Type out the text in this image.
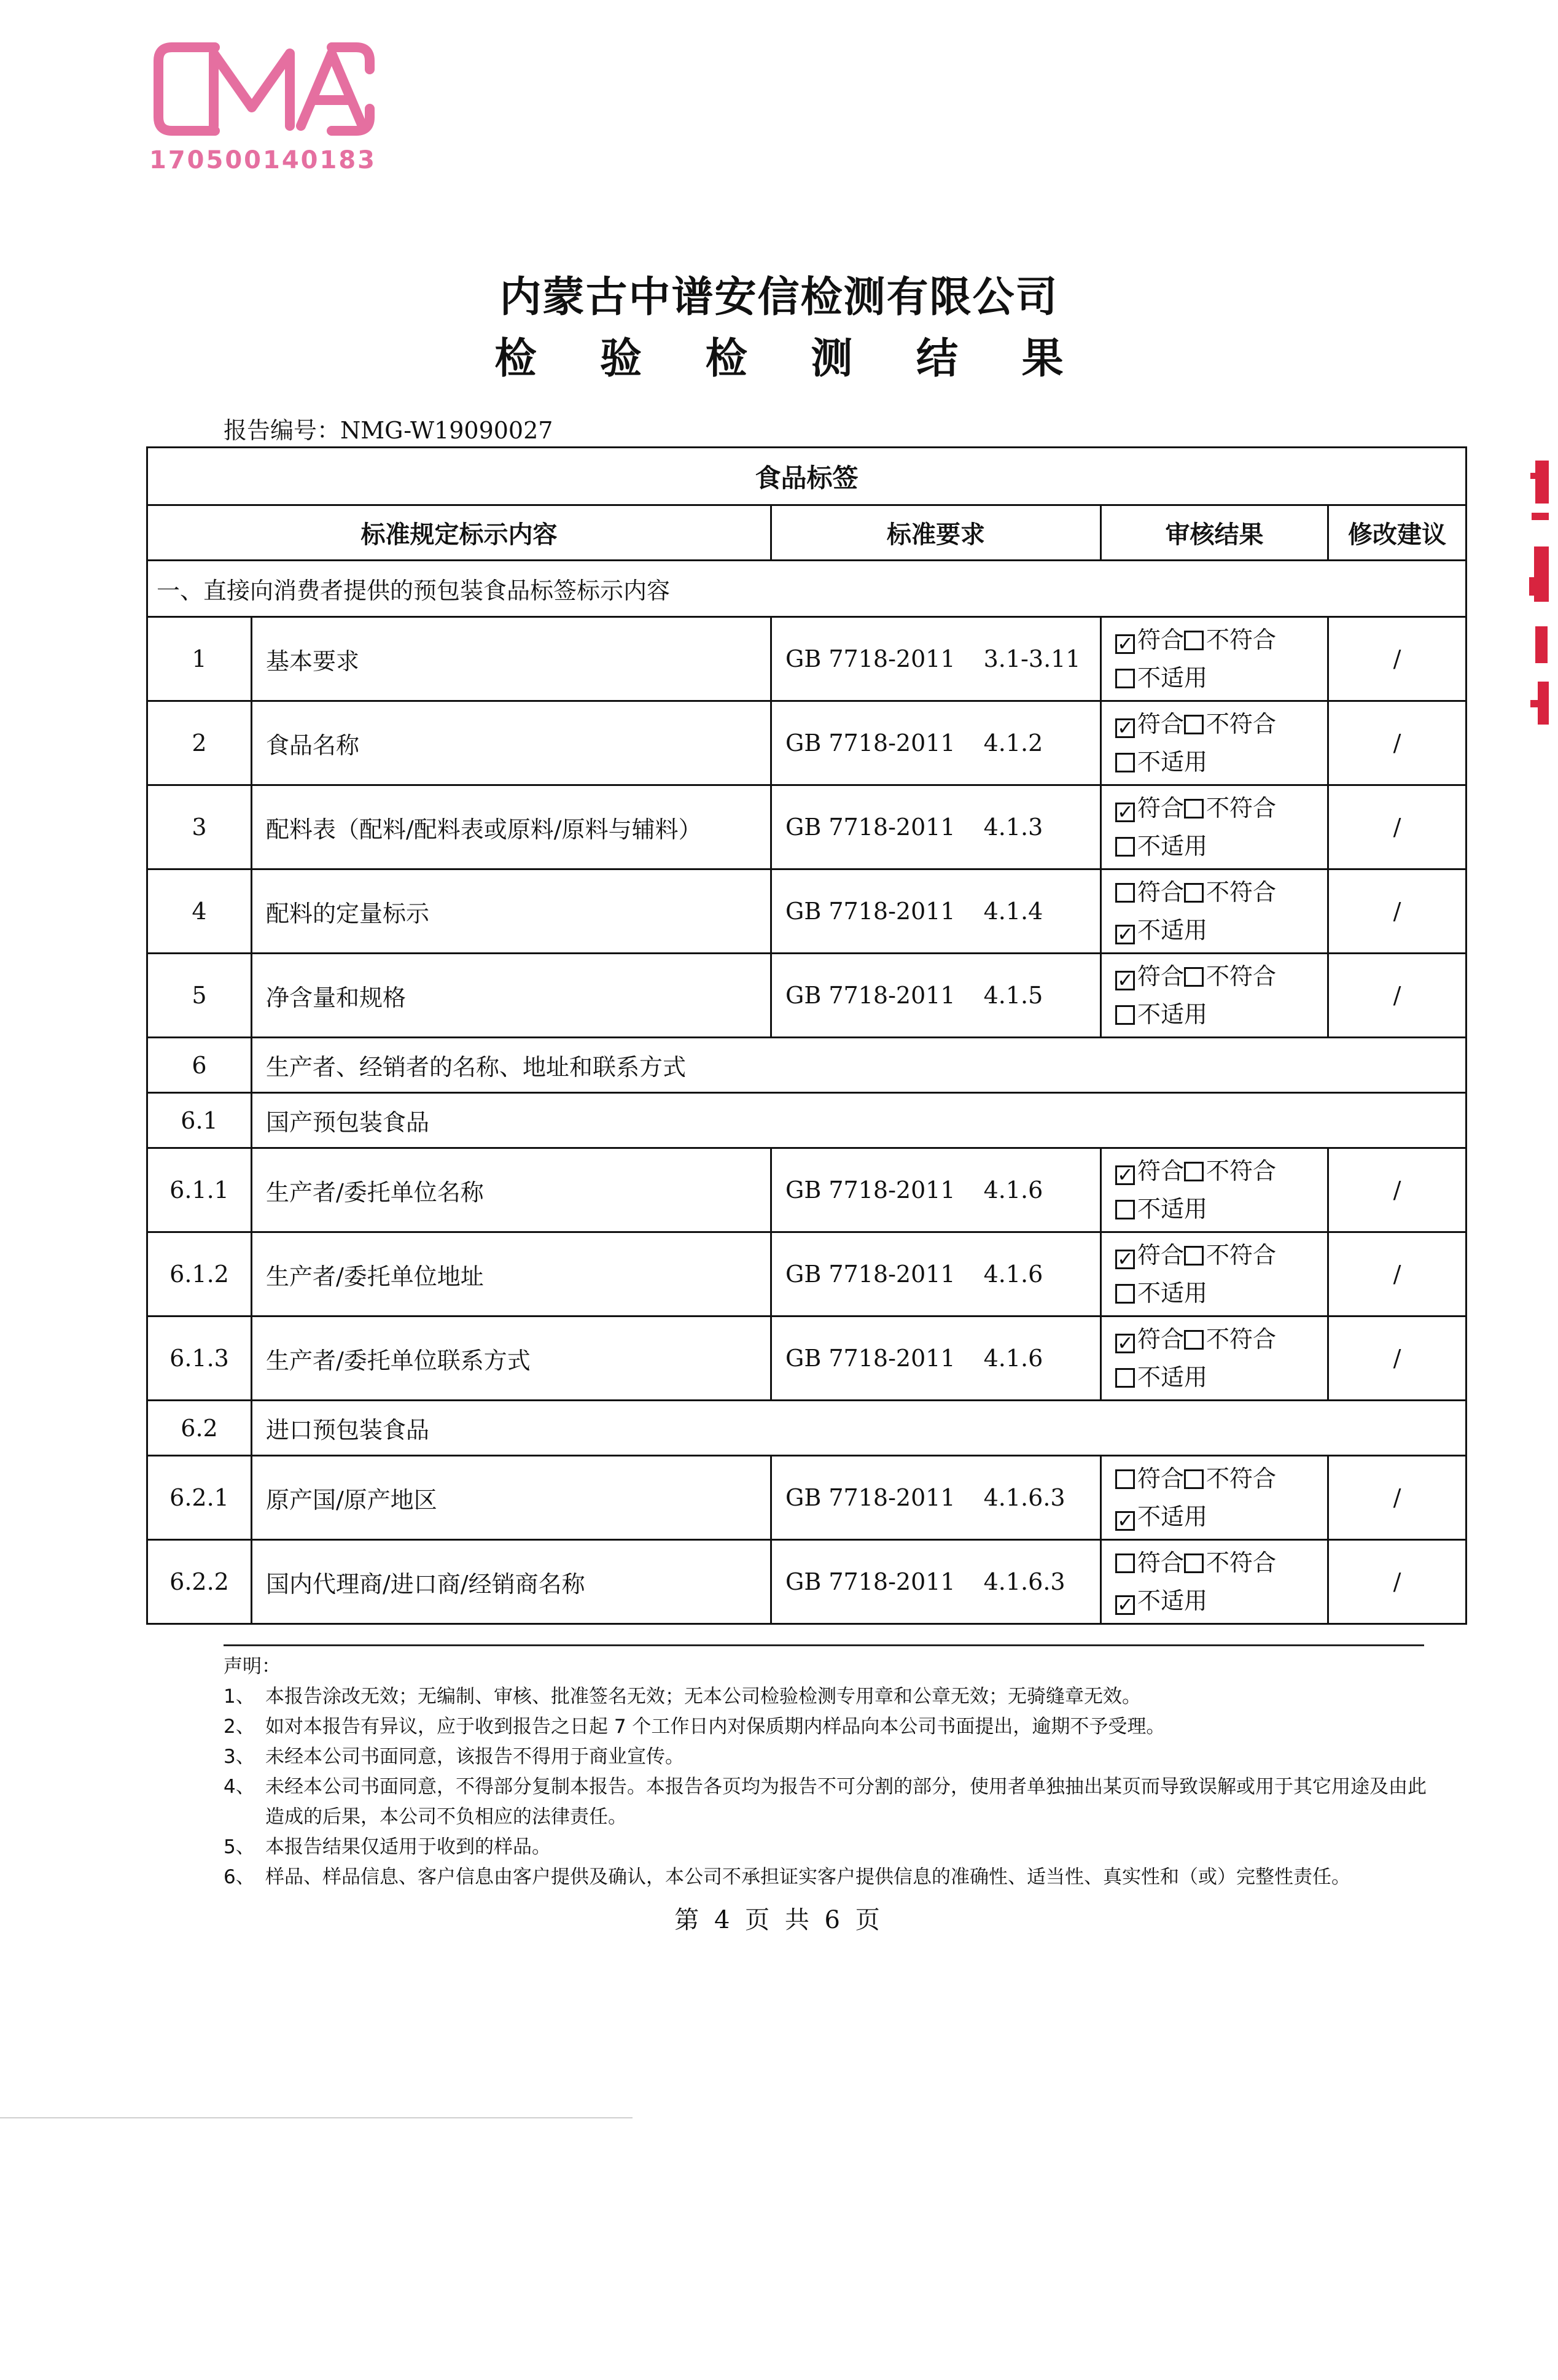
170500140183
内蒙古中谱安信检测有限公司
检 验 检 测 结 果
报告编号：NMG-W19090027
食品标签				
标准规定标示内容		标准要求	审核结果	修改建议
一、直接向消费者提供的预包装食品标签标示内容				
1	基本要求	GB 7718-2011 3.1-3.11	✓ 符合 不符合
不适用	/
2	食品名称	GB 7718-2011 4.1.2	✓ 符合 不符合
不适用	/
3	配料表（配料/配料表或原料/原料与辅料）	GB 7718-2011 4.1.3	✓ 符合 不符合
不适用	/
4	配料的定量标示	GB 7718-2011 4.1.4	符合 不符合
✓ 不适用	/
5	净含量和规格	GB 7718-2011 4.1.5	✓ 符合 不符合
不适用	/
6	生产者、经销者的名称、地址和联系方式			
6.1	国产预包装食品			
6.1.1	生产者/委托单位名称	GB 7718-2011 4.1.6	✓ 符合 不符合
不适用	/
6.1.2	生产者/委托单位地址	GB 7718-2011 4.1.6	✓ 符合 不符合
不适用	/
6.1.3	生产者/委托单位联系方式	GB 7718-2011 4.1.6	✓ 符合 不符合
不适用	/
6.2	进口预包装食品			
6.2.1	原产国/原产地区	GB 7718-2011 4.1.6.3	符合 不符合
✓ 不适用	/
6.2.2	国内代理商/进口商/经销商名称	GB 7718-2011 4.1.6.3	符合 不符合
✓ 不适用	/
声明：
1、 本报告涂改无效；无编制、审核、批准签名无效；无本公司检验检测专用章和公章无效；无骑缝章无效。
2、 如对本报告有异议，应于收到报告之日起 7 个工作日内对保质期内样品向本公司书面提出，逾期不予受理。
3、 未经本公司书面同意，该报告不得用于商业宣传。
4、 未经本公司书面同意，不得部分复制本报告。本报告各页均为报告不可分割的部分，使用者单独抽出某页而导致误解或用于其它用途及由此造成的后果，本公司不负相应的法律责任。
5、 本报告结果仅适用于收到的样品。
6、 样品、样品信息、客户信息由客户提供及确认，本公司不承担证实客户提供信息的准确性、适当性、真实性和（或）完整性责任。
第 4 页 共 6 页
